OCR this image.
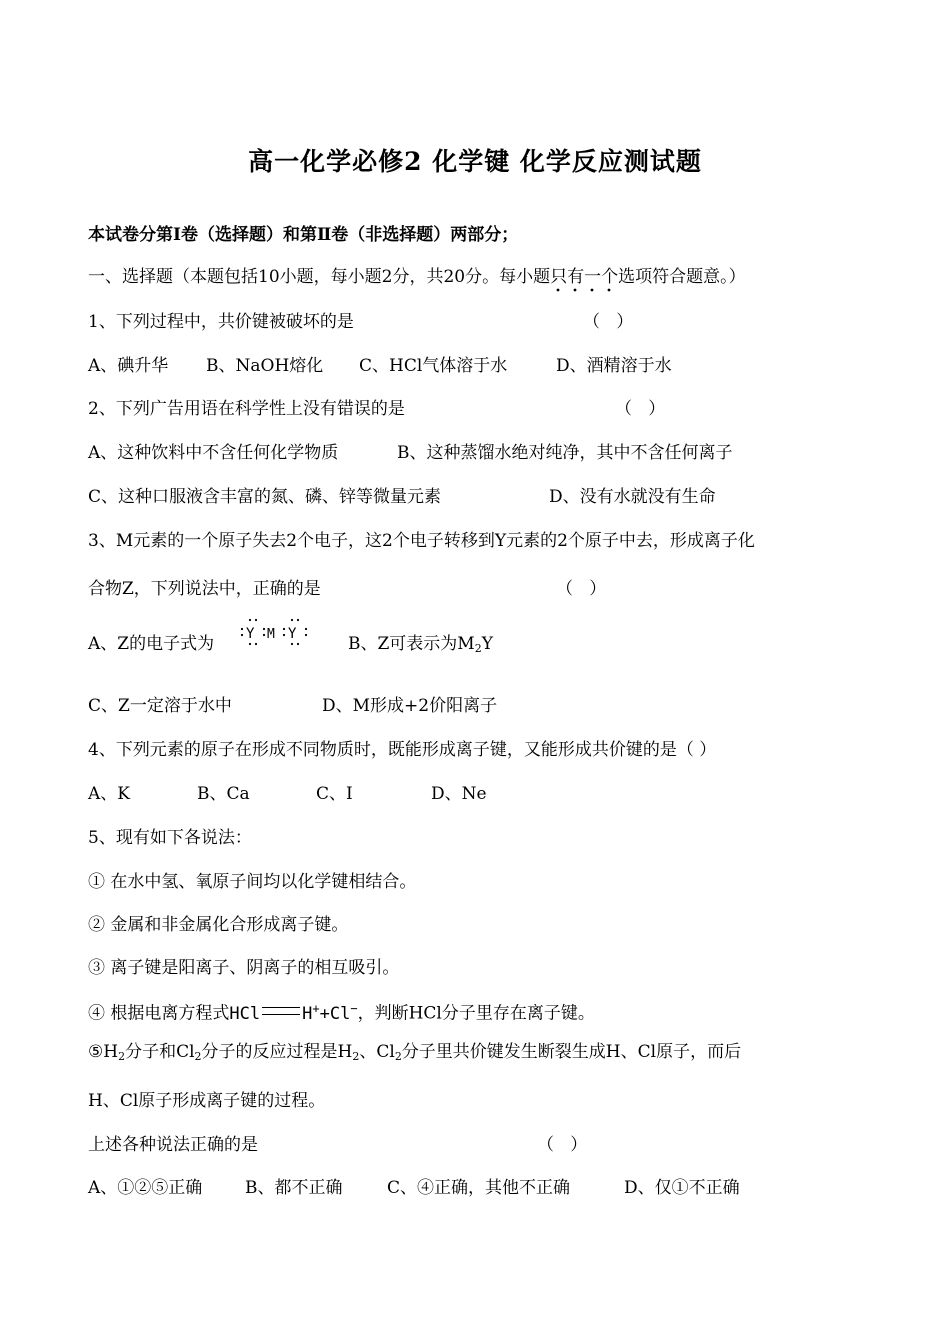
高一化学必修2 化学键 化学反应测试题
本试卷分第Ⅰ卷（选择题）和第Ⅱ卷（非选择题）两部分；
一、选择题（本题包括10小题，每小题2分，共20分。每小题只有一个
选项符合题意。）
1、下列过程中，共价键被破坏的是	（   ）
A、碘升华 B、NaOH熔化 C、HCl气体溶于水	D、酒精溶于水
2、下列广告用语在科学性上没有错误的是	（   ）
A、这种饮料中不含任何化学物质	B、这种蒸馏水绝对纯净，其中不含任何离子
C、这种口服液含丰富的氮、磷、锌等微量元素	D、没有水就没有生命
3、M元素的一个原子失去2个电子，这2个电子转移到Y元素的2个原子中去，形成离子化
合物Z，下列说法中，正确的是	（   ）
A、Z的电子式为 Y M Y	B、Z可表示为$M_2Y$
C、Z一定溶于水中	D、M形成+2价阳离子
4、下列元素的原子在形成不同物质时，既能形成离子键，又能形成共价键的是（ ）
A、K	B、Ca	C、I	D、Ne
5、现有如下各说法：
① 在水中氢、氧原子间均以化学键相结合。
② 金属和非金属化合形成离子键。
③ 离子键是阳离子、阴离子的相互吸引。
④ 根据电离方程式HCl H++Cl−，判断HCl分子里存在离子键。
$⑤H_2$分子和$Cl_2$分子的反应过程是$H_2$、$Cl_2$分子里共价键发生断裂生成H、Cl原子，而后
H、Cl原子形成离子键的过程。
上述各种说法正确的是	（   ）
A、①②⑤正确	B、都不正确	C、④正确，其他不正确	D、仅①不正确
